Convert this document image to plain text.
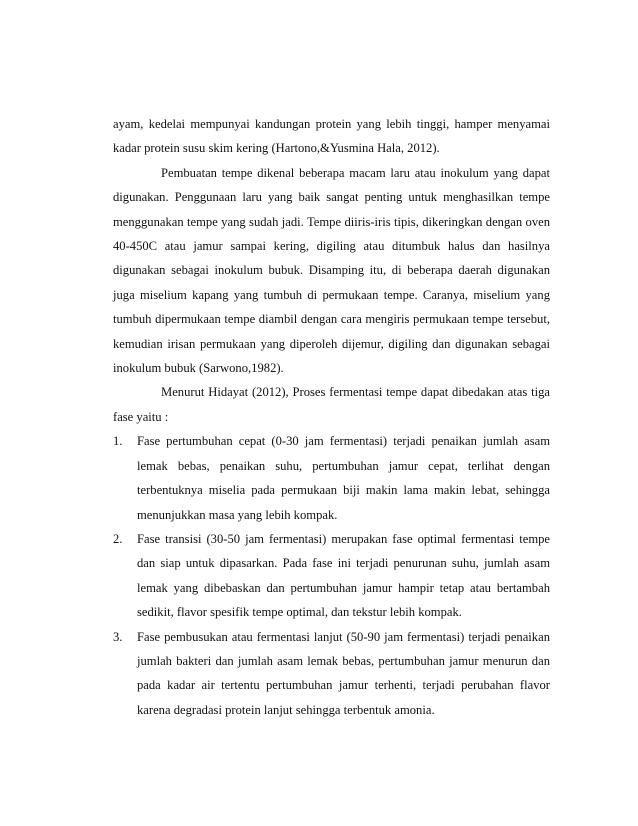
ayam, kedelai mempunyai kandungan protein yang lebih tinggi, hamper menyamai kadar protein susu skim kering (Hartono,&Yusmina Hala, 2012).

Pembuatan tempe dikenal beberapa macam laru atau inokulum yang dapat digunakan. Penggunaan laru yang baik sangat penting untuk menghasilkan tempe menggunakan tempe yang sudah jadi. Tempe diiris-iris tipis, dikeringkan dengan oven 40-450C atau jamur sampai kering, digiling atau ditumbuk halus dan hasilnya digunakan sebagai inokulum bubuk. Disamping itu, di beberapa daerah digunakan juga miselium kapang yang tumbuh di permukaan tempe. Caranya, miselium yang tumbuh dipermukaan tempe diambil dengan cara mengiris permukaan tempe tersebut, kemudian irisan permukaan yang diperoleh dijemur, digiling dan digunakan sebagai inokulum bubuk (Sarwono,1982).

Menurut Hidayat (2012), Proses fermentasi tempe dapat dibedakan atas tiga fase yaitu :

1. Fase pertumbuhan cepat (0-30 jam fermentasi) terjadi penaikan jumlah asam lemak bebas, penaikan suhu, pertumbuhan jamur cepat, terlihat dengan terbentuknya miselia pada permukaan biji makin lama makin lebat, sehingga menunjukkan masa yang lebih kompak.
2. Fase transisi (30-50 jam fermentasi) merupakan fase optimal fermentasi tempe dan siap untuk dipasarkan. Pada fase ini terjadi penurunan suhu, jumlah asam lemak yang dibebaskan dan pertumbuhan jamur hampir tetap atau bertambah sedikit, flavor spesifik tempe optimal, dan tekstur lebih kompak.
3. Fase pembusukan atau fermentasi lanjut (50-90 jam fermentasi) terjadi penaikan jumlah bakteri dan jumlah asam lemak bebas, pertumbuhan jamur menurun dan pada kadar air tertentu pertumbuhan jamur terhenti, terjadi perubahan flavor karena degradasi protein lanjut sehingga terbentuk amonia.
